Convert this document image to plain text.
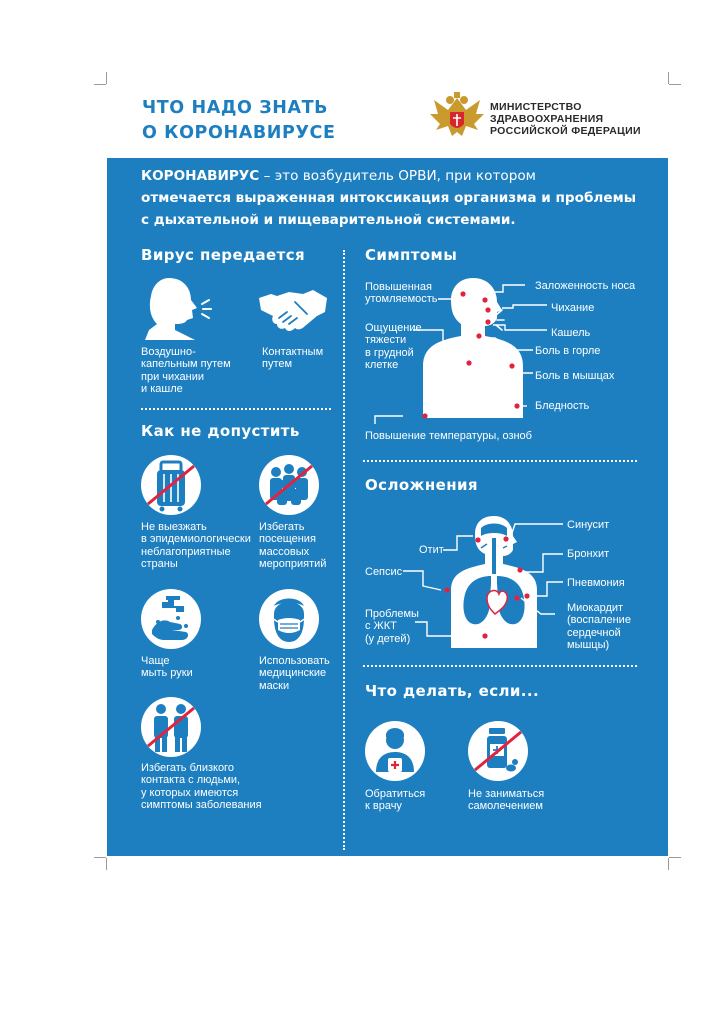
ЧТО НАДО ЗНАТЬ
О КОРОНАВИРУСЕ
МИНИСТЕРСТВО
ЗДРАВООХРАНЕНИЯ
РОССИЙСКОЙ ФЕДЕРАЦИИ
КОРОНАВИРУС – это возбудитель ОРВИ, при котором
отмечается выраженная интоксикация организма и проблемы
с дыхательной и пищеварительной системами.
Вирус передается
Воздушно-
капельным путем
при чихании
и кашле
Контактным
путем
Как не допустить
Не выезжать
в эпидемиологически
неблагоприятные
страны
Избегать
посещения
массовых
мероприятий
Чаще
мыть руки
Использовать
медицинские
маски
Избегать близкого
контакта с людьми,
у которых имеются
симптомы заболевания
Симптомы
Повышенная
утомляемость
Ощущение
тяжести
в грудной
клетке
Заложенность носа
Чихание
Кашель
Боль в горле
Боль в мышцах
Бледность
Повышение температуры, озноб
Осложнения
Отит
Синусит
Бронхит
Сепсис
Пневмония
Проблемы
с ЖКТ
(у детей)
Миокардит
(воспаление
сердечной
мышцы)
Что делать, если...
Обратиться
к врачу
Не заниматься
самолечением
